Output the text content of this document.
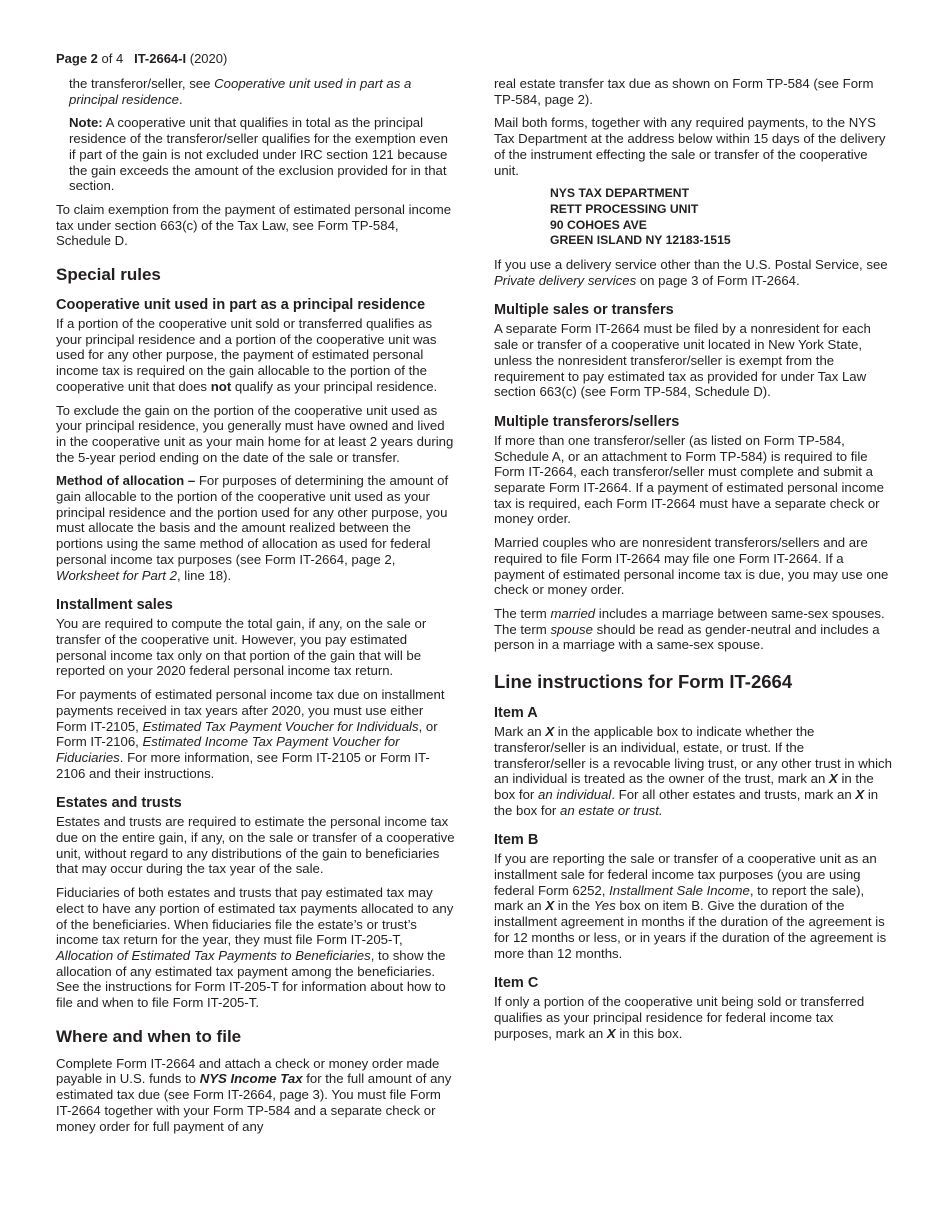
Page 2 of 4 IT-2664-I (2020)

the transferor/seller, see Cooperative unit used in part as a principal residence.

Note: A cooperative unit that qualifies in total as the principal residence of the transferor/seller qualifies for the exemption even if part of the gain is not excluded under IRC section 121 because the gain exceeds the amount of the exclusion provided for in that section.

To claim exemption from the payment of estimated personal income tax under section 663(c) of the Tax Law, see Form TP-584, Schedule D.

Special rules
Cooperative unit used in part as a principal residence

If a portion of the cooperative unit sold or transferred qualifies as your principal residence and a portion of the cooperative unit was used for any other purpose, the payment of estimated personal income tax is required on the gain allocable to the portion of the cooperative unit that does not qualify as your principal residence.

To exclude the gain on the portion of the cooperative unit used as your principal residence, you generally must have owned and lived in the cooperative unit as your main home for at least 2 years during the 5-year period ending on the date of the sale or transfer.

Method of allocation – For purposes of determining the amount of gain allocable to the portion of the cooperative unit used as your principal residence and the portion used for any other purpose, you must allocate the basis and the amount realized between the portions using the same method of allocation as used for federal personal income tax purposes (see Form IT-2664, page 2, Worksheet for Part 2, line 18).

Installment sales

You are required to compute the total gain, if any, on the sale or transfer of the cooperative unit. However, you pay estimated personal income tax only on that portion of the gain that will be reported on your 2020 federal personal income tax return.

For payments of estimated personal income tax due on installment payments received in tax years after 2020, you must use either Form IT-2105, Estimated Tax Payment Voucher for Individuals, or Form IT-2106, Estimated Income Tax Payment Voucher for Fiduciaries. For more information, see Form IT-2105 or Form IT-2106 and their instructions.

Estates and trusts

Estates and trusts are required to estimate the personal income tax due on the entire gain, if any, on the sale or transfer of a cooperative unit, without regard to any distributions of the gain to beneficiaries that may occur during the tax year of the sale.

Fiduciaries of both estates and trusts that pay estimated tax may elect to have any portion of estimated tax payments allocated to any of the beneficiaries. When fiduciaries file the estate’s or trust’s income tax return for the year, they must file Form IT-205-T, Allocation of Estimated Tax Payments to Beneficiaries, to show the allocation of any estimated tax payment among the beneficiaries. See the instructions for Form IT-205-T for information about how to file and when to file Form IT-205-T.

Where and when to file

Complete Form IT-2664 and attach a check or money order made payable in U.S. funds to NYS Income Tax for the full amount of any estimated tax due (see Form IT-2664, page 3). You must file Form IT-2664 together with your Form TP-584 and a separate check or money order for full payment of any

real estate transfer tax due as shown on Form TP-584 (see Form TP-584, page 2).

Mail both forms, together with any required payments, to the NYS Tax Department at the address below within 15 days of the delivery of the instrument effecting the sale or transfer of the cooperative unit.

NYS TAX DEPARTMENT
RETT PROCESSING UNIT
90 COHOES AVE
GREEN ISLAND NY 12183-1515

If you use a delivery service other than the U.S. Postal Service, see Private delivery services on page 3 of Form IT-2664.

Multiple sales or transfers

A separate Form IT-2664 must be filed by a nonresident for each sale or transfer of a cooperative unit located in New York State, unless the nonresident transferor/seller is exempt from the requirement to pay estimated tax as provided for under Tax Law section 663(c) (see Form TP-584, Schedule D).

Multiple transferors/sellers

If more than one transferor/seller (as listed on Form TP-584, Schedule A, or an attachment to Form TP-584) is required to file Form IT-2664, each transferor/seller must complete and submit a separate Form IT-2664. If a payment of estimated personal income tax is required, each Form IT-2664 must have a separate check or money order.

Married couples who are nonresident transferors/sellers and are required to file Form IT-2664 may file one Form IT-2664. If a payment of estimated personal income tax is due, you may use one check or money order.

The term married includes a marriage between same-sex spouses. The term spouse should be read as gender-neutral and includes a person in a marriage with a same-sex spouse.

Line instructions for Form IT-2664
Item A

Mark an X in the applicable box to indicate whether the transferor/seller is an individual, estate, or trust. If the transferor/seller is a revocable living trust, or any other trust in which an individual is treated as the owner of the trust, mark an X in the box for an individual. For all other estates and trusts, mark an X in the box for an estate or trust.

Item B

If you are reporting the sale or transfer of a cooperative unit as an installment sale for federal income tax purposes (you are using federal Form 6252, Installment Sale Income, to report the sale), mark an X in the Yes box on item B. Give the duration of the installment agreement in months if the duration of the agreement is for 12 months or less, or in years if the duration of the agreement is more than 12 months.

Item C

If only a portion of the cooperative unit being sold or transferred qualifies as your principal residence for federal income tax purposes, mark an X in this box.
